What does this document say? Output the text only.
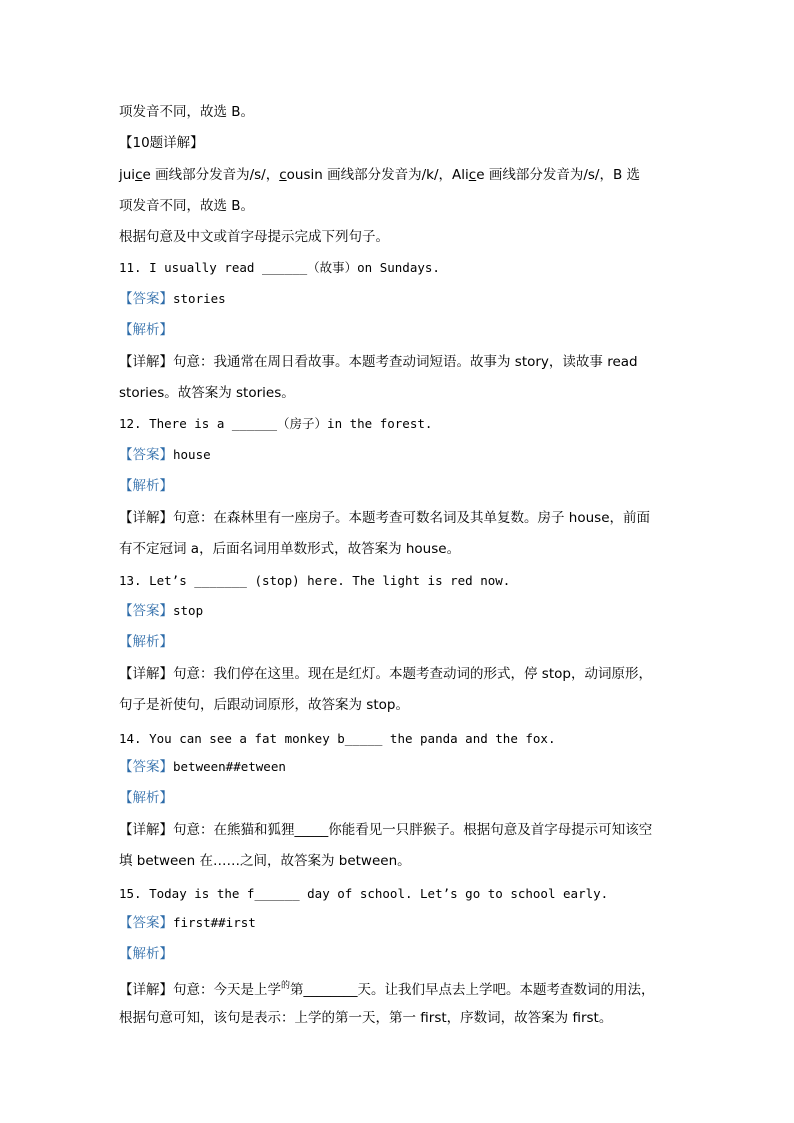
项发音不同，故选 B。
【10题详解】
juice 画线部分发音为/s/，cousin 画线部分发音为/k/，Alice 画线部分发音为/s/，B 选
项发音不同，故选 B。
根据句意及中文或首字母提示完成下列句子。
11. I usually read ______（故事）on Sundays.
【答案】stories
【解析】
【详解】句意：我通常在周日看故事。本题考查动词短语。故事为 story，读故事 read
stories。故答案为 stories。
12. There is a ______（房子）in the forest.
【答案】house
【解析】
【详解】句意：在森林里有一座房子。本题考查可数名词及其单复数。房子 house，前面
有不定冠词 a，后面名词用单数形式，故答案为 house。
13. Let’s _______ (stop) here. The light is red now.
【答案】stop
【解析】
【详解】句意：我们停在这里。现在是红灯。本题考查动词的形式，停 stop，动词原形，
句子是祈使句，后跟动词原形，故答案为 stop。
14. You can see a fat monkey b_____ the panda and the fox.
【答案】between##etween
【解析】
【详解】句意：在熊猫和狐狸_____你能看见一只胖猴子。根据句意及首字母提示可知该空
填 between 在……之间，故答案为 between。
15. Today is the f______ day of school. Let’s go to school early.
【答案】first##irst
【解析】
【详解】句意：今天是上学$^的$第________天。让我们早点去上学吧。本题考查数词的用法，
根据句意可知，该句是表示：上学的第一天，第一 first，序数词，故答案为 first。
